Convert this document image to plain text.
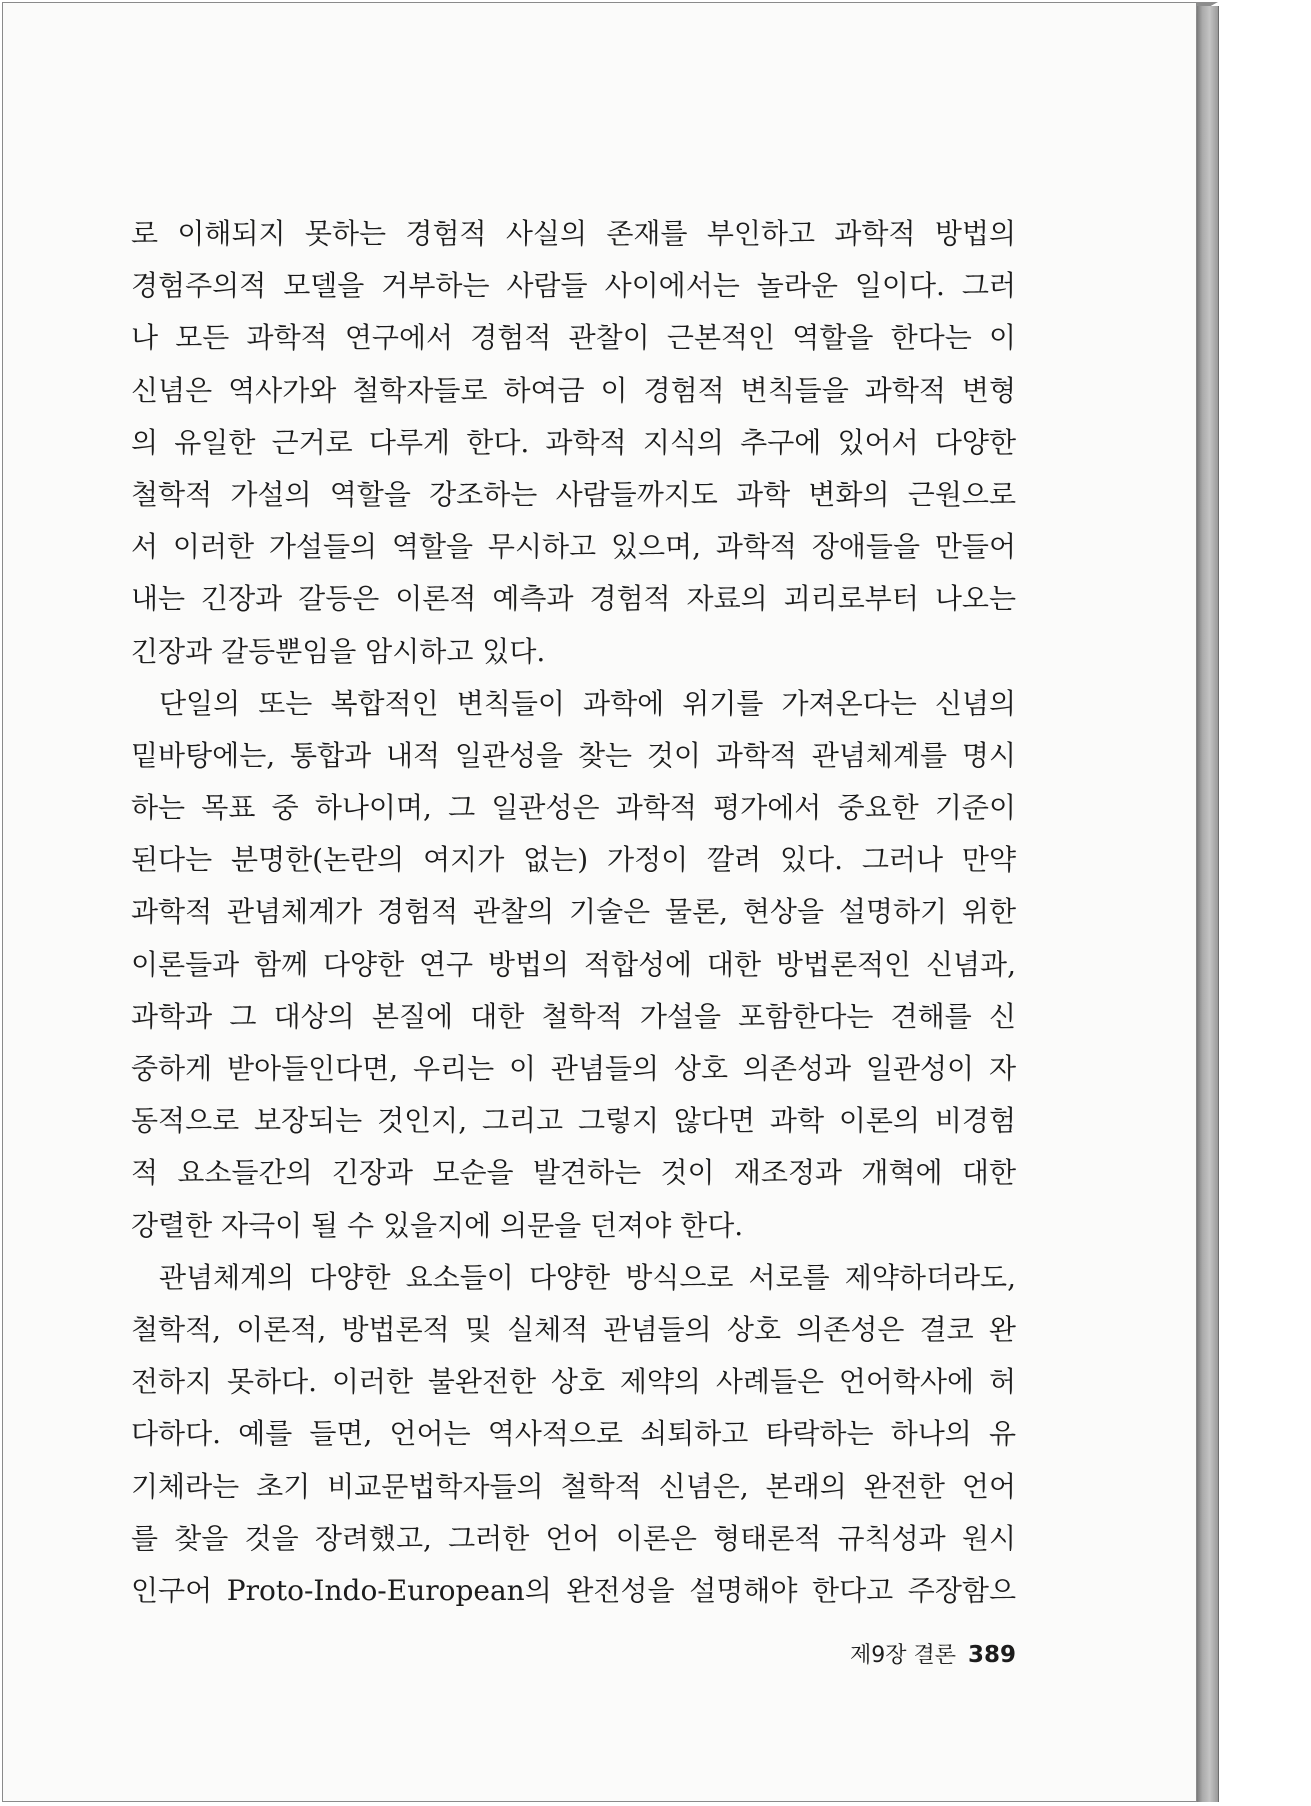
로 이해되지 못하는 경험적 사실의 존재를 부인하고 과학적 방법의
경험주의적 모델을 거부하는 사람들 사이에서는 놀라운 일이다. 그러
나 모든 과학적 연구에서 경험적 관찰이 근본적인 역할을 한다는 이
신념은 역사가와 철학자들로 하여금 이 경험적 변칙들을 과학적 변형
의 유일한 근거로 다루게 한다. 과학적 지식의 추구에 있어서 다양한
철학적 가설의 역할을 강조하는 사람들까지도 과학 변화의 근원으로
서 이러한 가설들의 역할을 무시하고 있으며, 과학적 장애들을 만들어
내는 긴장과 갈등은 이론적 예측과 경험적 자료의 괴리로부터 나오는
긴장과 갈등뿐임을 암시하고 있다.
단일의 또는 복합적인 변칙들이 과학에 위기를 가져온다는 신념의
밑바탕에는, 통합과 내적 일관성을 찾는 것이 과학적 관념체계를 명시
하는 목표 중 하나이며, 그 일관성은 과학적 평가에서 중요한 기준이
된다는 분명한(논란의 여지가 없는) 가정이 깔려 있다. 그러나 만약
과학적 관념체계가 경험적 관찰의 기술은 물론, 현상을 설명하기 위한
이론들과 함께 다양한 연구 방법의 적합성에 대한 방법론적인 신념과,
과학과 그 대상의 본질에 대한 철학적 가설을 포함한다는 견해를 신
중하게 받아들인다면, 우리는 이 관념들의 상호 의존성과 일관성이 자
동적으로 보장되는 것인지, 그리고 그렇지 않다면 과학 이론의 비경험
적 요소들간의 긴장과 모순을 발견하는 것이 재조정과 개혁에 대한
강렬한 자극이 될 수 있을지에 의문을 던져야 한다.
관념체계의 다양한 요소들이 다양한 방식으로 서로를 제약하더라도,
철학적, 이론적, 방법론적 및 실체적 관념들의 상호 의존성은 결코 완
전하지 못하다. 이러한 불완전한 상호 제약의 사례들은 언어학사에 허
다하다. 예를 들면, 언어는 역사적으로 쇠퇴하고 타락하는 하나의 유
기체라는 초기 비교문법학자들의 철학적 신념은, 본래의 완전한 언어
를 찾을 것을 장려했고, 그러한 언어 이론은 형태론적 규칙성과 원시
인구어 Proto-Indo-European의 완전성을 설명해야 한다고 주장함으
제9장 결론 389
